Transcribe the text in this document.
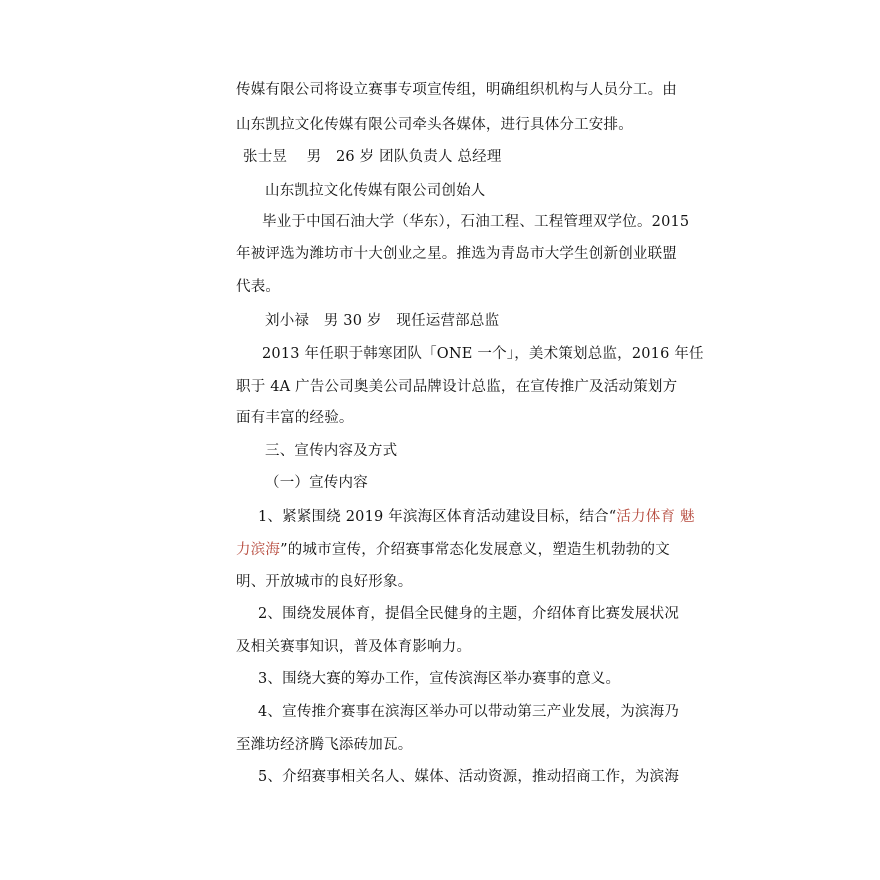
传媒有限公司将设立赛事专项宣传组，明确组织机构与人员分工。由
山东凯拉文化传媒有限公司牵头各媒体，进行具体分工安排。
张士昱　 男　26 岁 团队负责人 总经理
山东凯拉文化传媒有限公司创始人
毕业于中国石油大学（华东），石油工程、工程管理双学位。2015
年被评选为潍坊市十大创业之星。推选为青岛市大学生创新创业联盟
代表。
刘小禄　男 30 岁　现任运营部总监
2013 年任职于韩寒团队「ONE 一个」，美术策划总监，2016 年任
职于 4A 广告公司奥美公司品牌设计总监，在宣传推广及活动策划方
面有丰富的经验。
三、宣传内容及方式
（一）宣传内容
1、紧紧围绕 2019 年滨海区体育活动建设目标，结合“活力体育 魅
力滨海”的城市宣传，介绍赛事常态化发展意义，塑造生机勃勃的文
明、开放城市的良好形象。
2、围绕发展体育，提倡全民健身的主题，介绍体育比赛发展状况
及相关赛事知识，普及体育影响力。
3、围绕大赛的筹办工作，宣传滨海区举办赛事的意义。
4、宣传推介赛事在滨海区举办可以带动第三产业发展，为滨海乃
至潍坊经济腾飞添砖加瓦。
5、介绍赛事相关名人、媒体、活动资源，推动招商工作，为滨海
